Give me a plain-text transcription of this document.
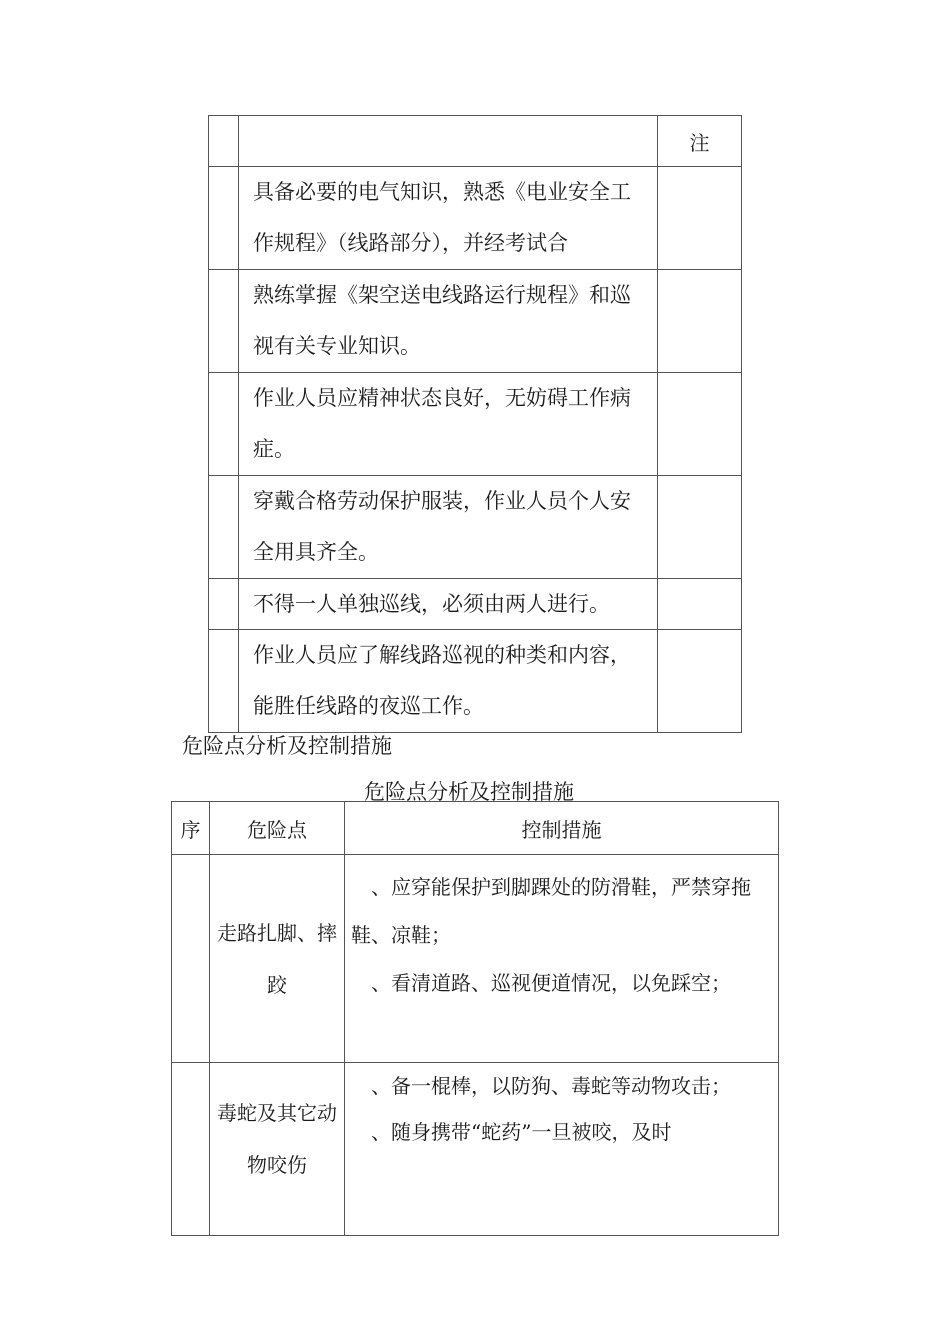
		注
	具备必要的电气知识，熟悉《电业安全工作规程》（线路部分），并经考试合	
	熟练掌握《架空送电线路运行规程》和巡视有关专业知识。	
	作业人员应精神状态良好，无妨碍工作病症。	
	穿戴合格劳动保护服装，作业人员个人安全用具齐全。	
	不得一人单独巡线，必须由两人进行。	
	作业人员应了解线路巡视的种类和内容，能胜任线路的夜巡工作。	
危险点分析及控制措施
危险点分析及控制措施
序	危险点	控制措施
	走路扎脚、摔跤	、应穿能保护到脚踝处的防滑鞋，严禁穿拖鞋、凉鞋；
、看清道路、巡视便道情况，以免踩空；

	毒蛇及其它动物咬伤	、备一棍棒，以防狗、毒蛇等动物攻击；
、随身携带“蛇药”一旦被咬，及时
